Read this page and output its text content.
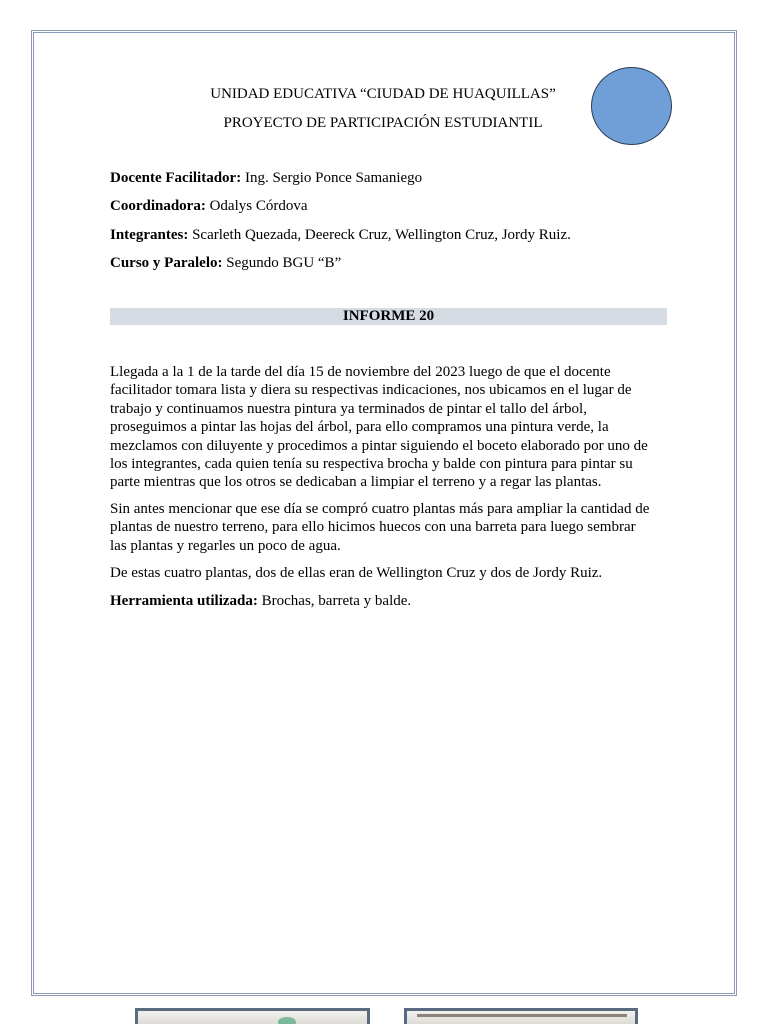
UNIDAD EDUCATIVA “CIUDAD DE HUAQUILLAS”
PROYECTO DE PARTICIPACIÓN ESTUDIANTIL
Docente Facilitador: Ing. Sergio Ponce Samaniego
Coordinadora: Odalys Córdova
Integrantes: Scarleth Quezada, Deereck Cruz, Wellington Cruz, Jordy Ruiz.
Curso y Paralelo: Segundo BGU “B”
INFORME 20
Llegada a la 1 de la tarde del día 15 de noviembre del 2023 luego de que el docente
facilitador tomara lista y diera su respectivas indicaciones, nos ubicamos en el lugar de
trabajo y continuamos nuestra pintura ya terminados de pintar el tallo del árbol,
proseguimos a pintar las hojas del árbol, para ello compramos una pintura verde, la
mezclamos con diluyente y procedimos a pintar siguiendo el boceto elaborado por uno de
los integrantes, cada quien tenía su respectiva brocha y balde con pintura para pintar su
parte mientras que los otros se dedicaban a limpiar el terreno y a regar las plantas.
Sin antes mencionar que ese día se compró cuatro plantas más para ampliar la cantidad de
plantas de nuestro terreno, para ello hicimos huecos con una barreta para luego sembrar
las plantas y regarles un poco de agua.
De estas cuatro plantas, dos de ellas eran de Wellington Cruz y dos de Jordy Ruiz.
Herramienta utilizada: Brochas, barreta y balde.
